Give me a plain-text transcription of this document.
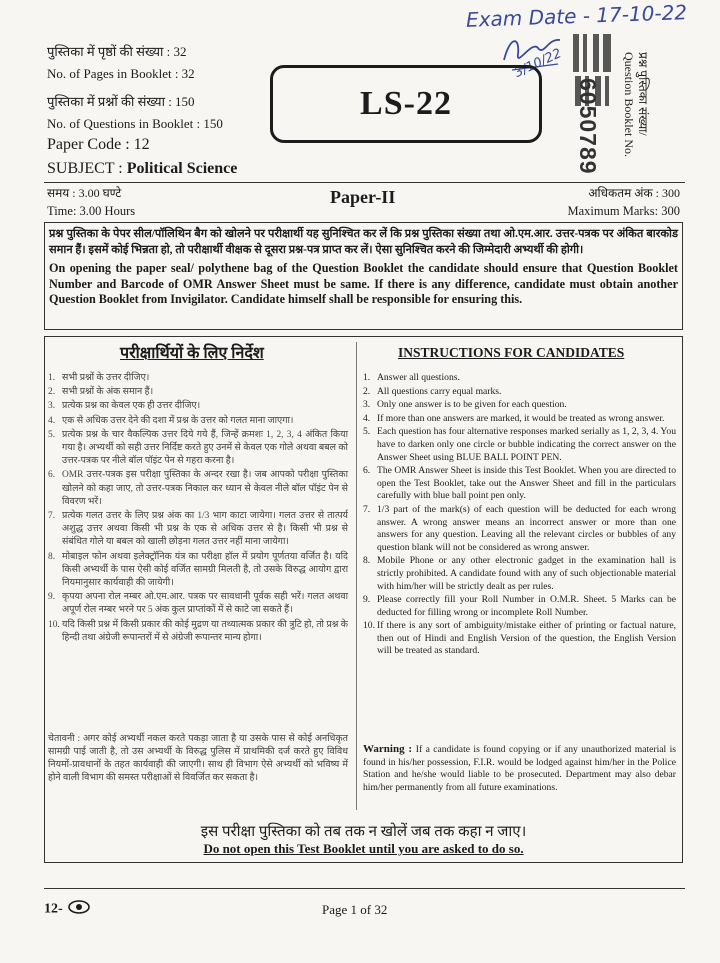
Exam Date - 17-10-22
3/10/22
पुस्तिका में पृष्ठों की संख्या : 32
No. of Pages in Booklet : 32
पुस्तिका में प्रश्नों की संख्या : 150
No. of Questions in Booklet : 150
Paper Code : 12
SUBJECT : Political Science
LS-22	6050789	प्रश्न पुस्तिका संख्या/
Question Booklet No.
समय : 3.00 घण्टे
Time: 3.00 Hours
Paper-II	अधिकतम अंक : 300
Maximum Marks: 300

प्रश्न पुस्तिका के पेपर सील/पॉलिथिन बैग को खोलने पर परीक्षार्थी यह सुनिश्चित कर लें कि प्रश्न पुस्तिका संख्या तथा ओ.एम.आर. उत्तर-पत्रक पर अंकित बारकोड समान हैं। इसमें कोई भिन्नता हो, तो परीक्षार्थी वीक्षक से दूसरा प्रश्न-पत्र प्राप्त कर लें। ऐसा सुनिश्चित करने की जिम्मेदारी अभ्यर्थी की होगी।

On opening the paper seal/ polythene bag of the Question Booklet the candidate should ensure that Question Booklet Number and Barcode of OMR Answer Sheet must be same. If there is any difference, candidate must obtain another Question Booklet from Invigilator. Candidate himself shall be responsible for ensuring this.

परीक्षार्थियों के लिए निर्देश	INSTRUCTIONS FOR CANDIDATES
1. सभी प्रश्नों के उत्तर दीजिए।
2. सभी प्रश्नों के अंक समान हैं।
3. प्रत्येक प्रश्न का केवल एक ही उत्तर दीजिए।
4. एक से अधिक उत्तर देने की दशा में प्रश्न के उत्तर को गलत माना जाएगा।
5. प्रत्येक प्रश्न के चार वैकल्पिक उत्तर दिये गये हैं, जिन्हें क्रमशः 1, 2, 3, 4 अंकित किया गया है। अभ्यर्थी को सही उत्तर निर्दिष्ट करते हुए उनमें से केवल एक गोले अथवा बबल को उत्तर-पत्रक पर नीले बॉल पॉइंट पेन से गहरा करना है।
6. OMR उत्तर-पत्रक इस परीक्षा पुस्तिका के अन्दर रखा है। जब आपको परीक्षा पुस्तिका खोलने को कहा जाए, तो उत्तर-पत्रक निकाल कर ध्यान से केवल नीले बॉल पॉइंट पेन से विवरण भरें।
7. प्रत्येक गलत उत्तर के लिए प्रश्न अंक का 1/3 भाग काटा जायेगा। गलत उत्तर से तात्पर्य अशुद्ध उत्तर अथवा किसी भी प्रश्न के एक से अधिक उत्तर से है। किसी भी प्रश्न से संबंधित गोले या बबल को खाली छोड़ना गलत उत्तर नहीं माना जायेगा।
8. मोबाइल फोन अथवा इलेक्ट्रॉनिक यंत्र का परीक्षा हॉल में प्रयोग पूर्णतया वर्जित है। यदि किसी अभ्यर्थी के पास ऐसी कोई वर्जित सामग्री मिलती है, तो उसके विरुद्ध आयोग द्वारा नियमानुसार कार्यवाही की जायेगी।
9. कृपया अपना रोल नम्बर ओ.एम.आर. पत्रक पर सावधानी पूर्वक सही भरें। गलत अथवा अपूर्ण रोल नम्बर भरने पर 5 अंक कुल प्राप्तांकों में से काटे जा सकते हैं।
10. यदि किसी प्रश्न में किसी प्रकार की कोई मुद्रण या तथ्यात्मक प्रकार की त्रुटि हो, तो प्रश्न के हिन्दी तथा अंग्रेजी रूपान्तरों में से अंग्रेजी रूपान्तर मान्य होगा।
चेतावनी : अगर कोई अभ्यर्थी नकल करते पकड़ा जाता है या उसके पास से कोई अनधिकृत सामग्री पाई जाती है, तो उस अभ्यर्थी के विरुद्ध पुलिस में प्राथमिकी दर्ज करते हुए विविध नियमों-प्रावधानों के तहत कार्यवाही की जाएगी। साथ ही विभाग ऐसे अभ्यर्थी को भविष्य में होने वाली विभाग की समस्त परीक्षाओं से विवर्जित कर सकता है।
1. Answer all questions.
2. All questions carry equal marks.
3. Only one answer is to be given for each question.
4. If more than one answers are marked, it would be treated as wrong answer.
5. Each question has four alternative responses marked serially as 1, 2, 3, 4. You have to darken only one circle or bubble indicating the correct answer on the Answer Sheet using BLUE BALL POINT PEN.
6. The OMR Answer Sheet is inside this Test Booklet. When you are directed to open the Test Booklet, take out the Answer Sheet and fill in the particulars carefully with blue ball point pen only.
7. 1/3 part of the mark(s) of each question will be deducted for each wrong answer. A wrong answer means an incorrect answer or more than one answers for any question. Leaving all the relevant circles or bubbles of any question blank will not be considered as wrong answer.
8. Mobile Phone or any other electronic gadget in the examination hall is strictly prohibited. A candidate found with any of such objectionable material with him/her will be strictly dealt as per rules.
9. Please correctly fill your Roll Number in O.M.R. Sheet. 5 Marks can be deducted for filling wrong or incomplete Roll Number.
10. If there is any sort of ambiguity/mistake either of printing or factual nature, then out of Hindi and English Version of the question, the English Version will be treated as standard.
Warning : If a candidate is found copying or if any unauthorized material is found in his/her possession, F.I.R. would be lodged against him/her in the Police Station and he/she would liable to be prosecuted. Department may also debar him/her permanently from all future examinations.
इस परीक्षा पुस्तिका को तब तक न खोलें जब तक कहा न जाए।
Do not open this Test Booklet until you are asked to do so.
12-	Page 1 of 32
